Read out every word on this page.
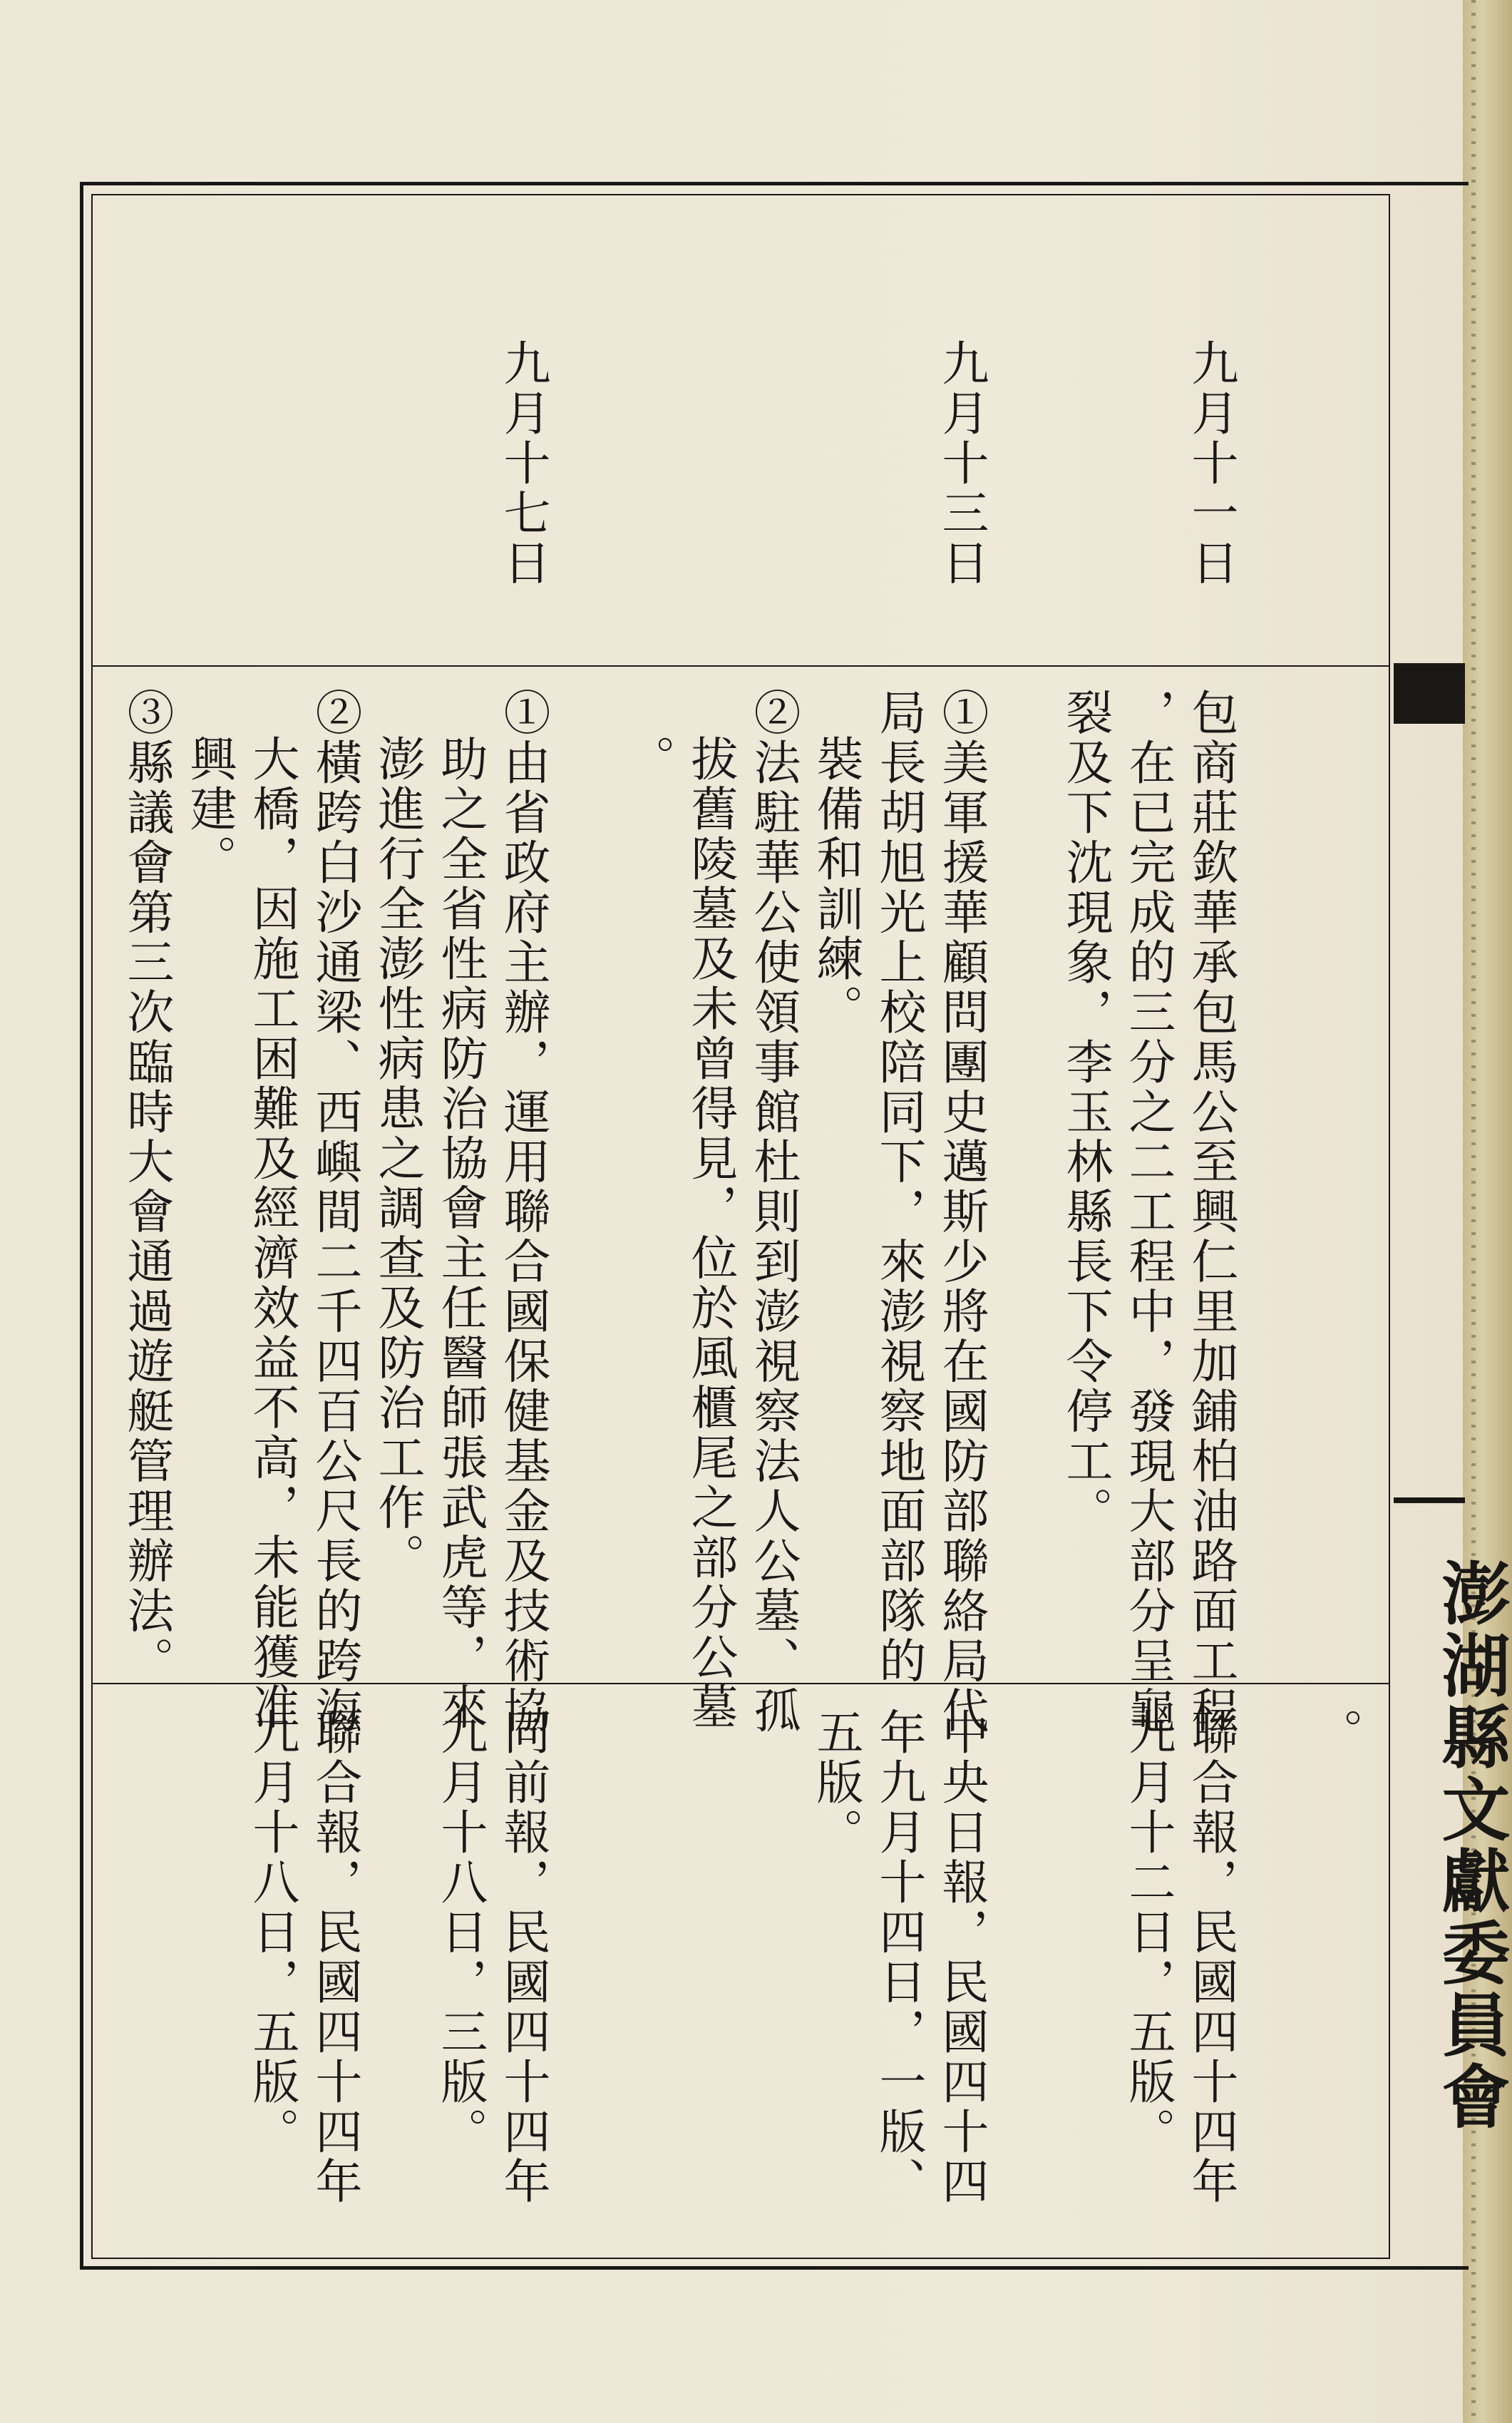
九月十一日
九月十三日
九月十七日
包商莊欽華承包馬公至興仁里加鋪柏油路面工程
，在已完成的三分之二工程中，發現大部分呈龜
裂及下沈現象，李玉林縣長下令停工。
①美軍援華顧問團史邁斯少將在國防部聯絡局代
局長胡旭光上校陪同下，來澎視察地面部隊的
裝備和訓練。
②法駐華公使領事館杜則到澎視察法人公墓、孤
拔舊陵墓及未曾得見，位於風櫃尾之部分公墓
。
①由省政府主辦，運用聯合國保健基金及技術協
助之全省性病防治協會主任醫師張武虎等，來
澎進行全澎性病患之調查及防治工作。
②橫跨白沙通梁、西嶼間二千四百公尺長的跨海
大橋，因施工困難及經濟效益不高，未能獲准
興建。
③縣議會第三次臨時大會通過遊艇管理辦法。
。
聯合報，民國四十四年
九月十二日，五版。
中央日報，民國四十四
年九月十四日，一版、
五版。
同前報，民國四十四年
九月十八日，三版。
聯合報，民國四十四年
九月十八日，五版。	澎湖縣文獻委員會
